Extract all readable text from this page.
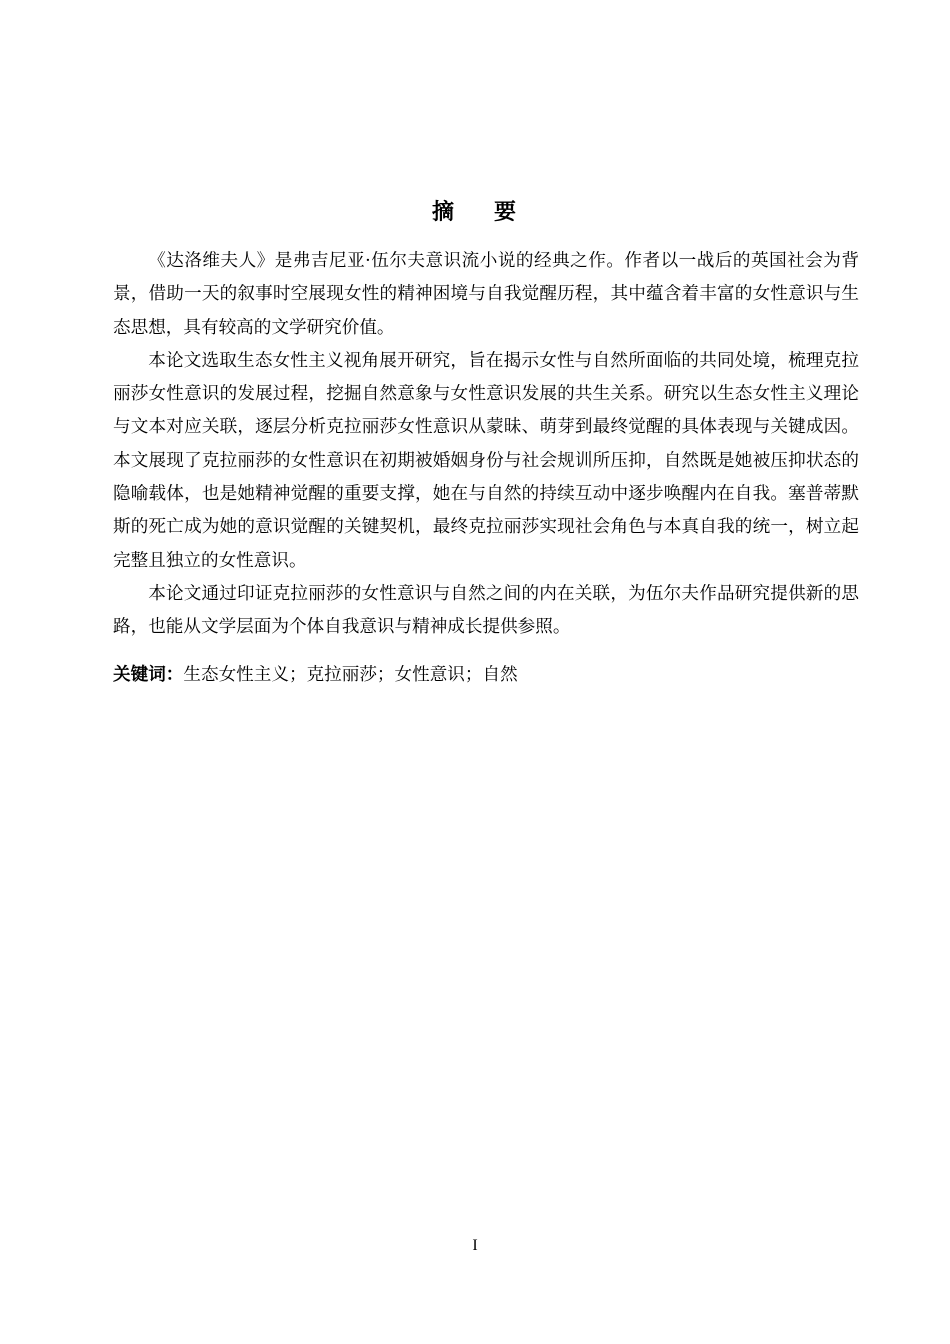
摘 要

《达洛维夫人》是弗吉尼亚·伍尔夫意识流小说的经典之作。作者以一战后的英国社会为背景，借助一天的叙事时空展现女性的精神困境与自我觉醒历程，其中蕴含着丰富的女性意识与生态思想，具有较高的文学研究价值。

本论文选取生态女性主义视角展开研究，旨在揭示女性与自然所面临的共同处境，梳理克拉丽莎女性意识的发展过程，挖掘自然意象与女性意识发展的共生关系。研究以生态女性主义理论与文本对应关联，逐层分析克拉丽莎女性意识从蒙昧、萌芽到最终觉醒的具体表现与关键成因。本文展现了克拉丽莎的女性意识在初期被婚姻身份与社会规训所压抑，自然既是她被压抑状态的隐喻载体，也是她精神觉醒的重要支撑，她在与自然的持续互动中逐步唤醒内在自我。塞普蒂默斯的死亡成为她的意识觉醒的关键契机，最终克拉丽莎实现社会角色与本真自我的统一，树立起完整且独立的女性意识。

本论文通过印证克拉丽莎的女性意识与自然之间的内在关联，为伍尔夫作品研究提供新的思路，也能从文学层面为个体自我意识与精神成长提供参照。

关键词：生态女性主义；克拉丽莎；女性意识；自然
I
